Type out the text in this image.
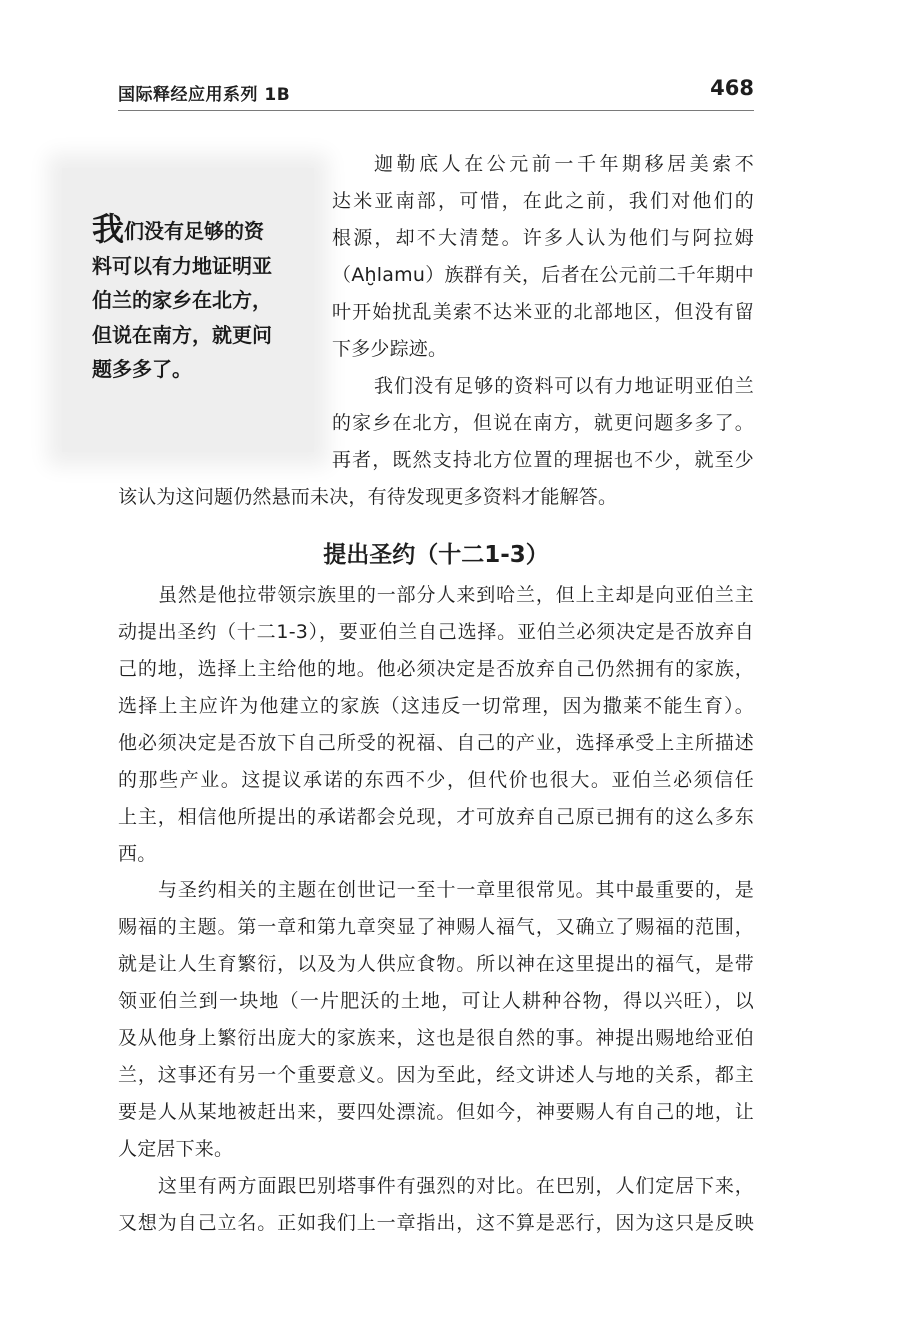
国际释经应用系列 1B	468
我们没有足够的资
料可以有力地证明亚
伯兰的家乡在北方，
但说在南方，就更问
题多多了。
迦勒底人在公元前一千年期移居美索不
达米亚南部，可惜，在此之前，我们对他们的
根源，却不大清楚。许多人认为他们与阿拉姆
（Aḫlamu）族群有关，后者在公元前二千年期中
叶开始扰乱美索不达米亚的北部地区，但没有留
下多少踪迹。
我们没有足够的资料可以有力地证明亚伯兰
的家乡在北方，但说在南方，就更问题多多了。
再者，既然支持北方位置的理据也不少，就至少
该认为这问题仍然悬而未决，有待发现更多资料才能解答。
提出圣约（十二1-3）
虽然是他拉带领宗族里的一部分人来到哈兰，但上主却是向亚伯兰主
动提出圣约（十二1-3），要亚伯兰自己选择。亚伯兰必须决定是否放弃自
己的地，选择上主给他的地。他必须决定是否放弃自己仍然拥有的家族，
选择上主应许为他建立的家族（这违反一切常理，因为撒莱不能生育）。
他必须决定是否放下自己所受的祝福、自己的产业，选择承受上主所描述
的那些产业。这提议承诺的东西不少，但代价也很大。亚伯兰必须信任
上主，相信他所提出的承诺都会兑现，才可放弃自己原已拥有的这么多东
西。
与圣约相关的主题在创世记一至十一章里很常见。其中最重要的，是
赐福的主题。第一章和第九章突显了神赐人福气，又确立了赐福的范围，
就是让人生育繁衍，以及为人供应食物。所以神在这里提出的福气，是带
领亚伯兰到一块地（一片肥沃的土地，可让人耕种谷物，得以兴旺），以
及从他身上繁衍出庞大的家族来，这也是很自然的事。神提出赐地给亚伯
兰，这事还有另一个重要意义。因为至此，经文讲述人与地的关系，都主
要是人从某地被赶出来，要四处漂流。但如今，神要赐人有自己的地，让
人定居下来。
这里有两方面跟巴别塔事件有强烈的对比。在巴别，人们定居下来，
又想为自己立名。正如我们上一章指出，这不算是恶行，因为这只是反映
